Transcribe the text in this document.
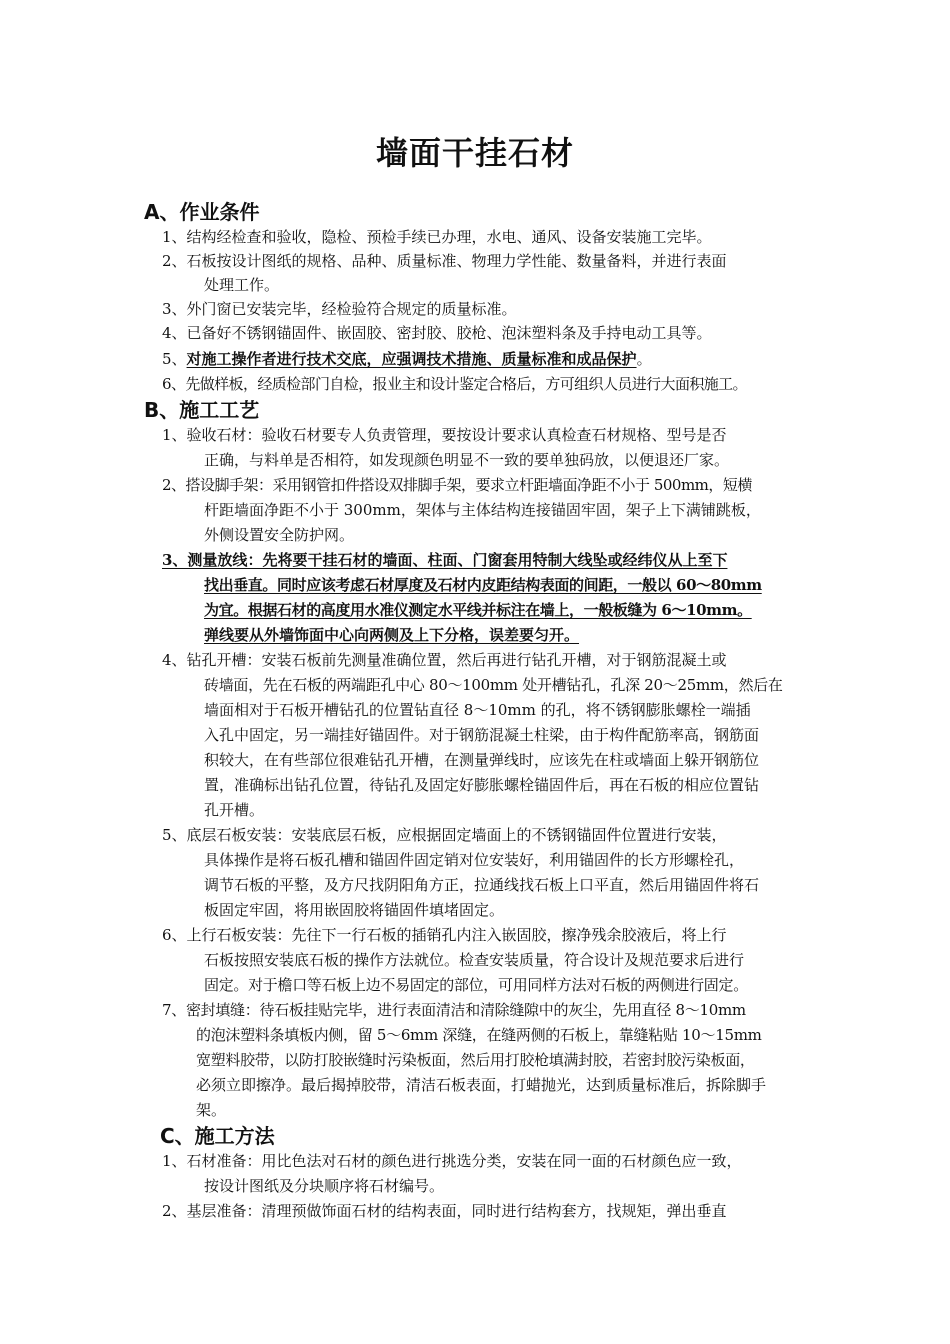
墙面干挂石材
A、作业条件
1、结构经检查和验收，隐检、预检手续已办理，水电、通风、设备安装施工完毕。
2、石板按设计图纸的规格、品种、质量标准、物理力学性能、数量备料，并进行表面
处理工作。
3、外门窗已安装完毕，经检验符合规定的质量标准。
4、已备好不锈钢锚固件、嵌固胶、密封胶、胶枪、泡沫塑料条及手持电动工具等。
5、对施工操作者进行技术交底，应强调技术措施、质量标准和成品保护。
6、先做样板，经质检部门自检，报业主和设计鉴定合格后，方可组织人员进行大面积施工。
B、施工工艺
1、验收石材：验收石材要专人负责管理，要按设计要求认真检查石材规格、型号是否
正确，与料单是否相符，如发现颜色明显不一致的要单独码放，以便退还厂家。
2、搭设脚手架：采用钢管扣件搭设双排脚手架，要求立杆距墙面净距不小于 500mm，短横
杆距墙面净距不小于 300mm，架体与主体结构连接锚固牢固，架子上下满铺跳板，
外侧设置安全防护网。
3、测量放线：先将要干挂石材的墙面、柱面、门窗套用特制大线坠或经纬仪从上至下
找出垂直。同时应该考虑石材厚度及石材内皮距结构表面的间距，一般以 60～80mm
为宜。根据石材的高度用水准仪测定水平线并标注在墙上，一般板缝为 6～10mm。
弹线要从外墙饰面中心向两侧及上下分格，误差要匀开。
4、钻孔开槽：安装石板前先测量准确位置，然后再进行钻孔开槽，对于钢筋混凝土或
砖墙面，先在石板的两端距孔中心 80～100mm 处开槽钻孔，孔深 20～25mm，然后在
墙面相对于石板开槽钻孔的位置钻直径 8～10mm 的孔，将不锈钢膨胀螺栓一端插
入孔中固定，另一端挂好锚固件。对于钢筋混凝土柱梁，由于构件配筋率高，钢筋面
积较大，在有些部位很难钻孔开槽，在测量弹线时，应该先在柱或墙面上躲开钢筋位
置，准确标出钻孔位置，待钻孔及固定好膨胀螺栓锚固件后，再在石板的相应位置钻
孔开槽。
5、底层石板安装：安装底层石板，应根据固定墙面上的不锈钢锚固件位置进行安装，
具体操作是将石板孔槽和锚固件固定销对位安装好，利用锚固件的长方形螺栓孔，
调节石板的平整，及方尺找阴阳角方正，拉通线找石板上口平直，然后用锚固件将石
板固定牢固，将用嵌固胶将锚固件填堵固定。
6、上行石板安装：先往下一行石板的插销孔内注入嵌固胶，擦净残余胶液后，将上行
石板按照安装底石板的操作方法就位。检查安装质量，符合设计及规范要求后进行
固定。对于檐口等石板上边不易固定的部位，可用同样方法对石板的两侧进行固定。
7、密封填缝：待石板挂贴完毕，进行表面清洁和清除缝隙中的灰尘，先用直径 8～10mm
的泡沫塑料条填板内侧，留 5～6mm 深缝，在缝两侧的石板上，靠缝粘贴 10～15mm
宽塑料胶带，以防打胶嵌缝时污染板面，然后用打胶枪填满封胶，若密封胶污染板面，
必须立即擦净。最后揭掉胶带，清洁石板表面，打蜡抛光，达到质量标准后，拆除脚手
架。
C、施工方法
1、石材准备：用比色法对石材的颜色进行挑选分类，安装在同一面的石材颜色应一致，
按设计图纸及分块顺序将石材编号。
2、基层准备：清理预做饰面石材的结构表面，同时进行结构套方，找规矩，弹出垂直
